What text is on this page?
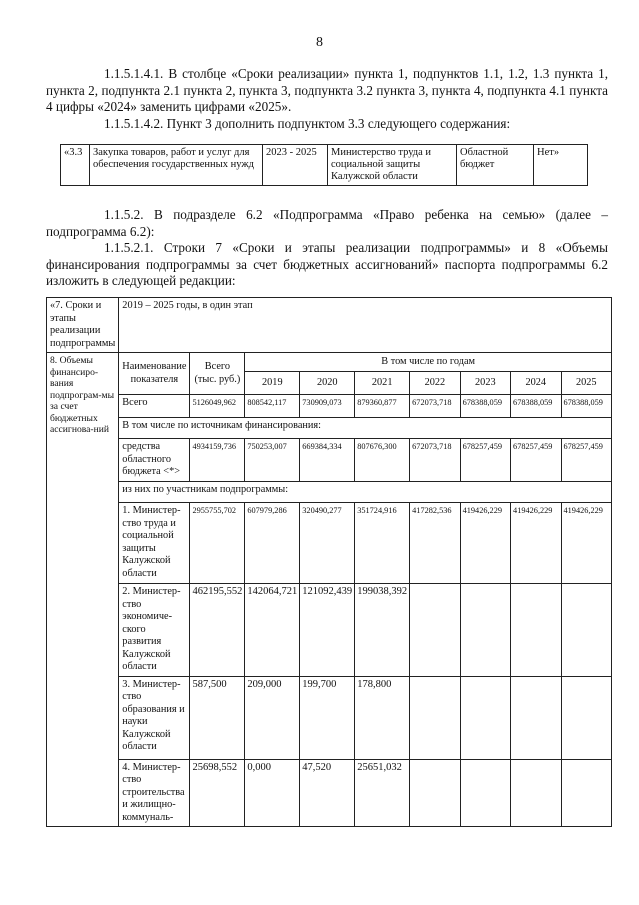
8
1.1.5.1.4.1. В столбце «Сроки реализации» пункта 1, подпунктов 1.1, 1.2, 1.3 пункта 1, пункта 2, подпункта 2.1 пункта 2, пункта 3, подпункта 3.2 пункта 3, пункта 4, подпункта 4.1 пункта 4 цифры «2024» заменить цифрами «2025».
1.1.5.1.4.2. Пункт 3 дополнить подпунктом 3.3 следующего содержания:
«3.3	Закупка товаров, работ и услуг для обеспечения государственных нужд	2023 - 2025	Министерство труда и социальной защиты Калужской области	Областной бюджет	Нет»
1.1.5.2. В подразделе 6.2 «Подпрограмма «Право ребенка на семью» (далее – подпрограмма 6.2):
1.1.5.2.1. Строки 7 «Сроки и этапы реализации подпрограммы» и 8 «Объемы финансирования подпрограммы за счет бюджетных ассигнований» паспорта подпрограммы 6.2 изложить в следующей редакции:
«7. Сроки и этапы реализации подпрограммы	2019 – 2025 годы, в один этап								
8. Объемы финансиро-вания подпрограм-мы за счет бюджетных ассигнова-ний	Наименование показателя	Всего (тыс. руб.)	В том числе по годам						
			2019	2020	2021	2022	2023	2024	2025
	Всего	5126049,962	808542,117	730909,073	879360,877	672073,718	678388,059	678388,059	678388,059
	В том числе по источникам финансирования:								
	средства областного бюджета <*>	4934159,736	750253,007	669384,334	807676,300	672073,718	678257,459	678257,459	678257,459
	из них по участникам подпрограммы:								
	1. Министер-ство труда и социальной защиты Калужской области	2955755,702	607979,286	320490,277	351724,916	417282,536	419426,229	419426,229	419426,229
	2. Министер-ство экономиче-ского развития Калужской области	462195,552	142064,721	121092,439	199038,392				
	3. Министер-ство образования и науки Калужской области	587,500	209,000	199,700	178,800				
	4. Министер-ство строительства и жилищно-коммуналь-	25698,552	0,000	47,520	25651,032				
